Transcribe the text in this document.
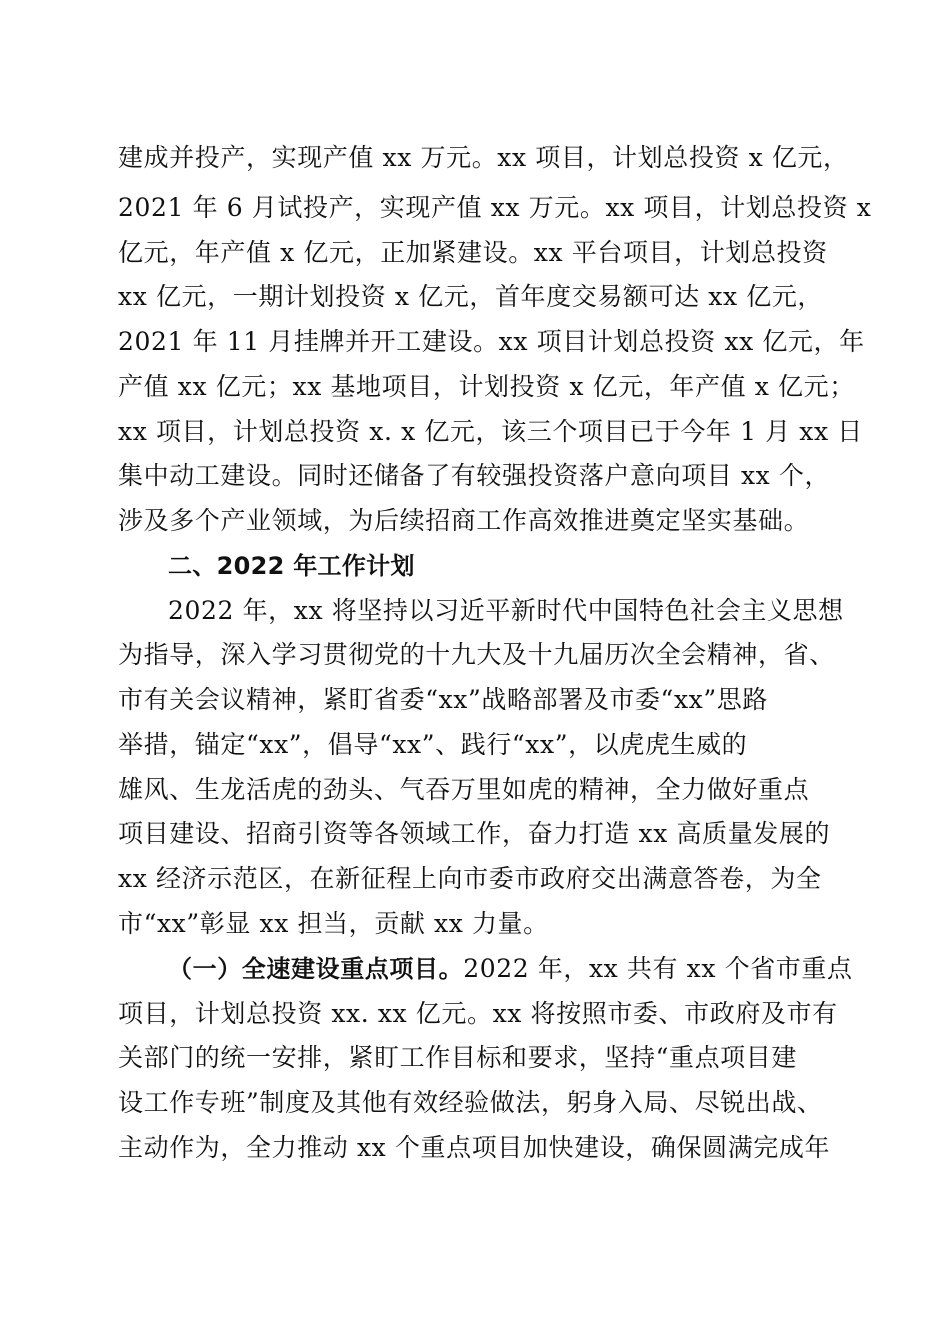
建成并投产，实现产值 xx 万元。xx 项目，计划总投资 x 亿元，
2021 年 6 月试投产，实现产值 xx 万元。xx 项目，计划总投资 x
亿元，年产值 x 亿元，正加紧建设。xx 平台项目，计划总投资
xx 亿元，一期计划投资 x 亿元，首年度交易额可达 xx 亿元，
2021 年 11 月挂牌并开工建设。xx 项目计划总投资 xx 亿元，年
产值 xx 亿元；xx 基地项目，计划投资 x 亿元，年产值 x 亿元；
xx 项目，计划总投资 x. x 亿元，该三个项目已于今年 1 月 xx 日
集中动工建设。同时还储备了有较强投资落户意向项目 xx 个，
涉及多个产业领域，为后续招商工作高效推进奠定坚实基础。
二、2022 年工作计划
2022 年，xx 将坚持以习近平新时代中国特色社会主义思想
为指导，深入学习贯彻党的十九大及十九届历次全会精神，省、
市有关会议精神，紧盯省委“xx”战略部署及市委“xx”思路
举措，锚定“xx”，倡导“xx”、践行“xx”，以虎虎生威的
雄风、生龙活虎的劲头、气吞万里如虎的精神，全力做好重点
项目建设、招商引资等各领域工作，奋力打造 xx 高质量发展的
xx 经济示范区，在新征程上向市委市政府交出满意答卷，为全
市“xx”彰显 xx 担当，贡献 xx 力量。
（一）全速建设重点项目。2022 年，xx 共有 xx 个省市重点
项目，计划总投资 xx. xx 亿元。xx 将按照市委、市政府及市有
关部门的统一安排，紧盯工作目标和要求，坚持“重点项目建
设工作专班”制度及其他有效经验做法，躬身入局、尽锐出战、
主动作为，全力推动 xx 个重点项目加快建设，确保圆满完成年
